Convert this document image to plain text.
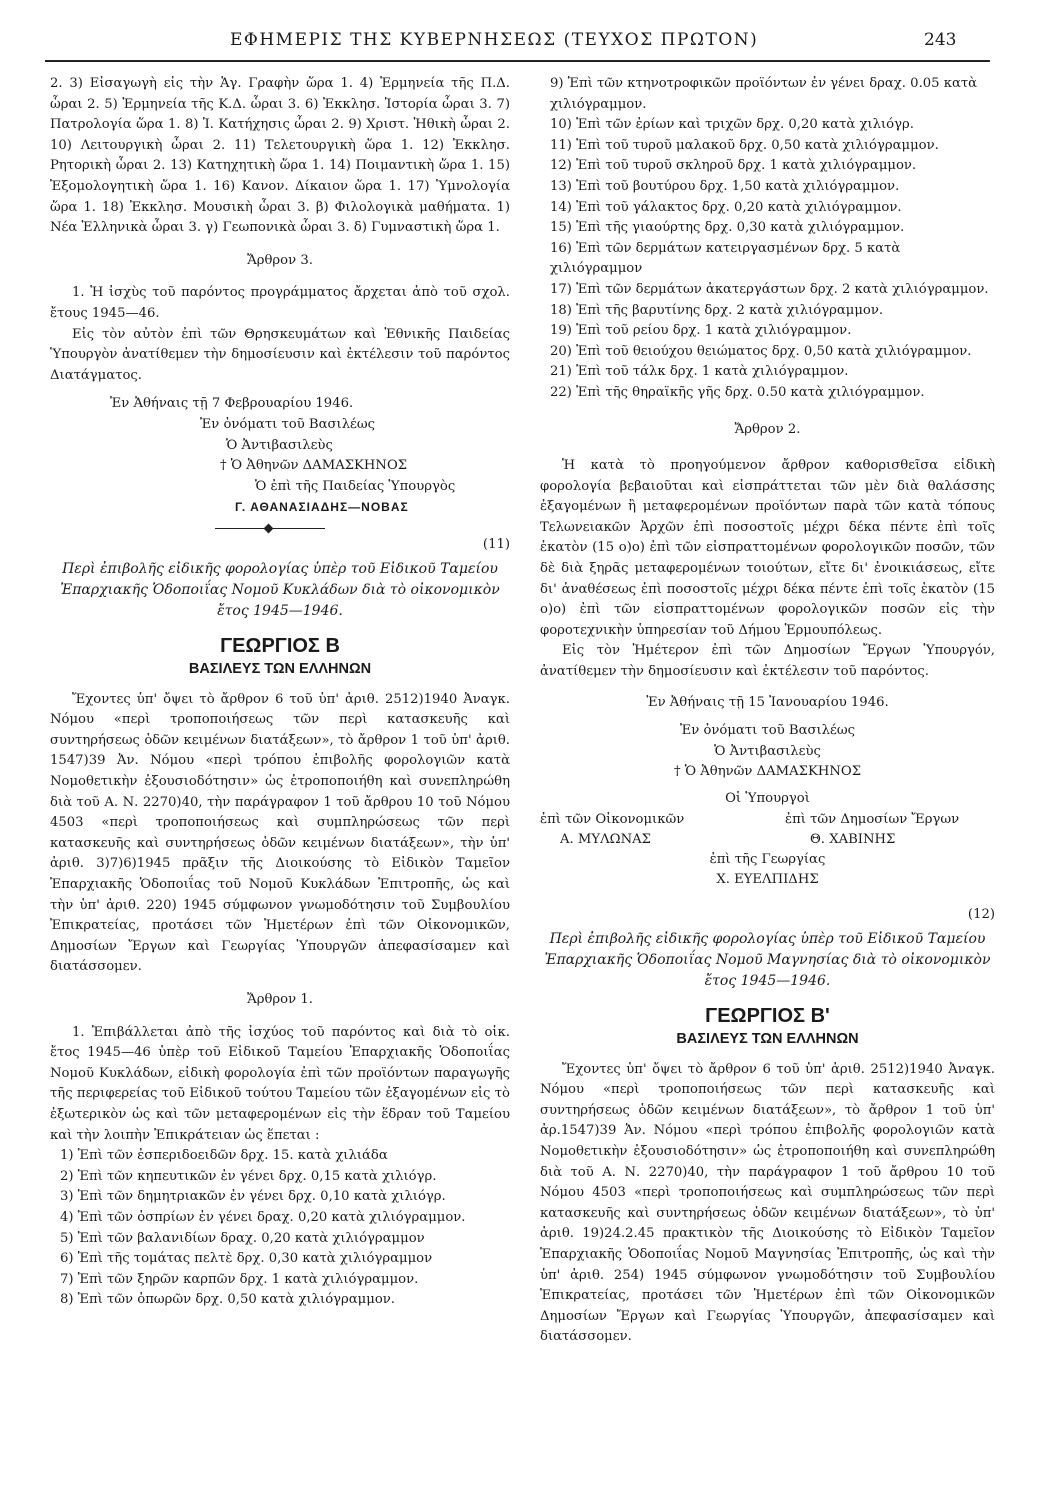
ΕΦΗΜΕΡΙΣ ΤΗΣ ΚΥΒΕΡΝΗΣΕΩΣ (ΤΕΥΧΟΣ ΠΡΩΤΟΝ)	243

2. 3) Εἰσαγωγὴ εἰς τὴν Ἁγ. Γραφὴν ὥρα 1. 4) Ἑρμηνεία τῆς Π.Δ. ὧραι 2. 5) Ἑρμηνεία τῆς Κ.Δ. ὧραι 3. 6) Ἐκκλησ. Ἱστορία ὧραι 3. 7) Πατρολογία ὥρα 1. 8) Ἰ. Κατήχησις ὧραι 2. 9) Χριστ. Ἠθικὴ ὧραι 2. 10) Λειτουργικὴ ὧραι 2. 11) Τελετουργικὴ ὥρα 1. 12) Ἐκκλησ. Ρητορικὴ ὧραι 2. 13) Κατηχητικὴ ὥρα 1. 14) Ποιμαντικὴ ὥρα 1. 15) Ἐξομολογητικὴ ὥρα 1. 16) Κανον. Δίκαιον ὥρα 1. 17) Ὑμνολογία ὥρα 1. 18) Ἐκκλησ. Μουσικὴ ὧραι 3. β) Φιλολογικὰ μαθήματα. 1) Νέα Ἑλληνικὰ ὧραι 3. γ) Γεωπονικὰ ὧραι 3. δ) Γυμναστικὴ ὥρα 1.

Ἄρθρον 3.

1. Ἡ ἰσχὺς τοῦ παρόντος προγράμματος ἄρχεται ἀπὸ τοῦ σχολ. ἔτους 1945—46.

Εἰς τὸν αὐτὸν ἐπὶ τῶν Θρησκευμάτων καὶ Ἐθνικῆς Παιδείας Ὑπουργὸν ἀνατίθεμεν τὴν δημοσίευσιν καὶ ἐκτέλεσιν τοῦ παρόντος Διατάγματος.

Ἐν Ἀθήναις τῇ 7 Φεβρουαρίου 1946.

Ἐν ὀνόματι τοῦ Βασιλέως

Ὁ Ἀντιβασιλεὺς

† Ὁ Ἀθηνῶν ΔΑΜΑΣΚΗΝΟΣ

Ὁ ἐπὶ τῆς Παιδείας Ὑπουργὸς

Γ. ΑΘΑΝΑΣΙΑΔΗΣ—ΝΟΒΑΣ

(11)

Περὶ ἐπιβολῆς εἰδικῆς φορολογίας ὑπὲρ τοῦ Εἰδικοῦ Ταμείου Ἐπαρχιακῆς Ὁδοποιΐας Νομοῦ Κυκλάδων διὰ τὸ οἰκονομικὸν ἔτος 1945—1946.

ΓΕΩΡΓΙΟΣ Β

ΒΑΣΙΛΕΥΣ ΤΩΝ ΕΛΛΗΝΩΝ

Ἔχοντες ὑπ' ὄψει τὸ ἄρθρον 6 τοῦ ὑπ' ἀριθ. 2512)1940 Ἀναγκ. Νόμου «περὶ τροποποιήσεως τῶν περὶ κατασκευῆς καὶ συντηρήσεως ὁδῶν κειμένων διατάξεων», τὸ ἄρθρον 1 τοῦ ὑπ' ἀριθ. 1547)39 Ἀν. Νόμου «περὶ τρόπου ἐπιβολῆς φορολογιῶν κατὰ Νομοθετικὴν ἐξουσιοδότησιν» ὡς ἐτροποποιήθη καὶ συνεπληρώθη διὰ τοῦ Α. Ν. 2270)40, τὴν παράγραφον 1 τοῦ ἄρθρου 10 τοῦ Νόμου 4503 «περὶ τροποποιήσεως καὶ συμπληρώσεως τῶν περὶ κατασκευῆς καὶ συντηρήσεως ὁδῶν κειμένων διατάξεων», τὴν ὑπ' ἀριθ. 3)7)6)1945 πρᾶξιν τῆς Διοικούσης τὸ Εἰδικὸν Ταμεῖον Ἐπαρχιακῆς Ὁδοποιΐας τοῦ Νομοῦ Κυκλάδων Ἐπιτροπῆς, ὡς καὶ τὴν ὑπ' ἀριθ. 220) 1945 σύμφωνον γνωμοδότησιν τοῦ Συμβουλίου Ἐπικρατείας, προτάσει τῶν Ἡμετέρων ἐπὶ τῶν Οἰκονομικῶν, Δημοσίων Ἔργων καὶ Γεωργίας Ὑπουργῶν ἀπεφασίσαμεν καὶ διατάσσομεν.

Ἄρθρον 1.

1. Ἐπιβάλλεται ἀπὸ τῆς ἰσχύος τοῦ παρόντος καὶ διὰ τὸ οἰκ. ἔτος 1945—46 ὑπὲρ τοῦ Εἰδικοῦ Ταμείου Ἐπαρχιακῆς Ὁδοποιΐας Νομοῦ Κυκλάδων, εἰδικὴ φορολογία ἐπὶ τῶν προϊόντων παραγωγῆς τῆς περιφερείας τοῦ Εἰδικοῦ τούτου Ταμείου τῶν ἐξαγομένων εἰς τὸ ἐξωτερικὸν ὡς καὶ τῶν μεταφερομένων εἰς τὴν ἕδραν τοῦ Ταμείου καὶ τὴν λοιπὴν Ἐπικράτειαν ὡς ἕπεται :

1) Ἐπὶ τῶν ἐσπεριδοειδῶν δρχ. 15. κατὰ χιλιάδα

2) Ἐπὶ τῶν κηπευτικῶν ἐν γένει δρχ. 0,15 κατὰ χιλιόγρ.

3) Ἐπὶ τῶν δημητριακῶν ἐν γένει δρχ. 0,10 κατὰ χιλιόγρ.

4) Ἐπὶ τῶν ὀσπρίων ἐν γένει δραχ. 0,20 κατὰ χιλιόγραμμον.

5) Ἐπὶ τῶν βαλανιδίων δραχ. 0,20 κατὰ χιλιόγραμμον

6) Ἐπὶ τῆς τομάτας πελτὲ δρχ. 0,30 κατὰ χιλιόγραμμον

7) Ἐπὶ τῶν ξηρῶν καρπῶν δρχ. 1 κατὰ χιλιόγραμμον.

8) Ἐπὶ τῶν ὀπωρῶν δρχ. 0,50 κατὰ χιλιόγραμμον.

9) Ἐπὶ τῶν κτηνοτροφικῶν προϊόντων ἐν γένει δραχ. 0.05 κατὰ χιλιόγραμμον.

10) Ἐπὶ τῶν ἐρίων καὶ τριχῶν δρχ. 0,20 κατὰ χιλιόγρ.

11) Ἐπὶ τοῦ τυροῦ μαλακοῦ δρχ. 0,50 κατὰ χιλιόγραμμον.

12) Ἐπὶ τοῦ τυροῦ σκληροῦ δρχ. 1 κατὰ χιλιόγραμμον.

13) Ἐπὶ τοῦ βουτύρου δρχ. 1,50 κατὰ χιλιόγραμμον.

14) Ἐπὶ τοῦ γάλακτος δρχ. 0,20 κατὰ χιλιόγραμμον.

15) Ἐπὶ τῆς γιαούρτης δρχ. 0,30 κατὰ χιλιόγραμμον.

16) Ἐπὶ τῶν δερμάτων κατειργασμένων δρχ. 5 κατὰ χιλιόγραμμον

17) Ἐπὶ τῶν δερμάτων ἀκατεργάστων δρχ. 2 κατὰ χιλιόγραμμον.

18) Ἐπὶ τῆς βαρυτίνης δρχ. 2 κατὰ χιλιόγραμμον.

19) Ἐπὶ τοῦ ρείου δρχ. 1 κατὰ χιλιόγραμμον.

20) Ἐπὶ τοῦ θειούχου θειώματος δρχ. 0,50 κατὰ χιλιόγραμμον.

21) Ἐπὶ τοῦ τάλκ δρχ. 1 κατὰ χιλιόγραμμον.

22) Ἐπὶ τῆς θηραϊκῆς γῆς δρχ. 0.50 κατὰ χιλιόγραμμον.

Ἄρθρον 2.

Ἡ κατὰ τὸ προηγούμενον ἄρθρον καθορισθεῖσα εἰδικὴ φορολογία βεβαιοῦται καὶ εἰσπράττεται τῶν μὲν διὰ θαλάσσης ἐξαγομένων ἢ μεταφερομένων προϊόντων παρὰ τῶν κατὰ τόπους Τελωνειακῶν Ἀρχῶν ἐπὶ ποσοστοῖς μέχρι δέκα πέντε ἐπὶ τοῖς ἑκατὸν (15 ο)ο) ἐπὶ τῶν εἰσπραττομένων φορολογικῶν ποσῶν, τῶν δὲ διὰ ξηρᾶς μεταφερομένων τοιούτων, εἴτε δι' ἐνοικιάσεως, εἴτε δι' ἀναθέσεως ἐπὶ ποσοστοῖς μέχρι δέκα πέντε ἐπὶ τοῖς ἑκατὸν (15 ο)ο) ἐπὶ τῶν εἰσπραττομένων φορολογικῶν ποσῶν εἰς τὴν φοροτεχνικὴν ὑπηρεσίαν τοῦ Δήμου Ἑρμουπόλεως.

Εἰς τὸν Ἡμέτερον ἐπὶ τῶν Δημοσίων Ἔργων Ὑπουργόν, ἀνατίθεμεν τὴν δημοσίευσιν καὶ ἐκτέλεσιν τοῦ παρόντος.

Ἐν Ἀθήναις τῇ 15 Ἰανουαρίου 1946.

Ἐν ὀνόματι τοῦ Βασιλέως

Ὁ Ἀντιβασιλεὺς

† Ὁ Ἀθηνῶν ΔΑΜΑΣΚΗΝΟΣ

Οἱ Ὑπουργοὶ

ἐπὶ τῶν Οἰκονομικῶν	ἐπὶ τῶν Δημοσίων Ἔργων
Α. ΜΥΛΩΝΑΣ	Θ. ΧΑΒΙΝΗΣ

ἐπὶ τῆς Γεωργίας

Χ. ΕΥΕΛΠΙΔΗΣ

(12)

Περὶ ἐπιβολῆς εἰδικῆς φορολογίας ὑπὲρ τοῦ Εἰδικοῦ Ταμείου Ἐπαρχιακῆς Ὁδοποιΐας Νομοῦ Μαγνησίας διὰ τὸ οἰκονομικὸν ἔτος 1945—1946.

ΓΕΩΡΓΙΟΣ Β'

ΒΑΣΙΛΕΥΣ ΤΩΝ ΕΛΛΗΝΩΝ

Ἔχοντες ὑπ' ὄψει τὸ ἄρθρον 6 τοῦ ὑπ' ἀριθ. 2512)1940 Ἀναγκ. Νόμου «περὶ τροποποιήσεως τῶν περὶ κατασκευῆς καὶ συντηρήσεως ὁδῶν κειμένων διατάξεων», τὸ ἄρθρον 1 τοῦ ὑπ' ἀρ.1547)39 Ἀν. Νόμου «περὶ τρόπου ἐπιβολῆς φορολογιῶν κατὰ Νομοθετικὴν ἐξουσιοδότησιν» ὡς ἐτροποποιήθη καὶ συνεπληρώθη διὰ τοῦ Α. Ν. 2270)40, τὴν παράγραφον 1 τοῦ ἄρθρου 10 τοῦ Νόμου 4503 «περὶ τροποποιήσεως καὶ συμπληρώσεως τῶν περὶ κατασκευῆς καὶ συντηρήσεως ὁδῶν κειμένων διατάξεων», τὸ ὑπ' ἀριθ. 19)24.2.45 πρακτικὸν τῆς Διοικούσης τὸ Εἰδικὸν Ταμεῖον Ἐπαρχιακῆς Ὁδοποιΐας Νομοῦ Μαγνησίας Ἐπιτροπῆς, ὡς καὶ τὴν ὑπ' ἀριθ. 254) 1945 σύμφωνον γνωμοδότησιν τοῦ Συμβουλίου Ἐπικρατείας, προτάσει τῶν Ἡμετέρων ἐπὶ τῶν Οἰκονομικῶν Δημοσίων Ἔργων καὶ Γεωργίας Ὑπουργῶν, ἀπεφασίσαμεν καὶ διατάσσομεν.
